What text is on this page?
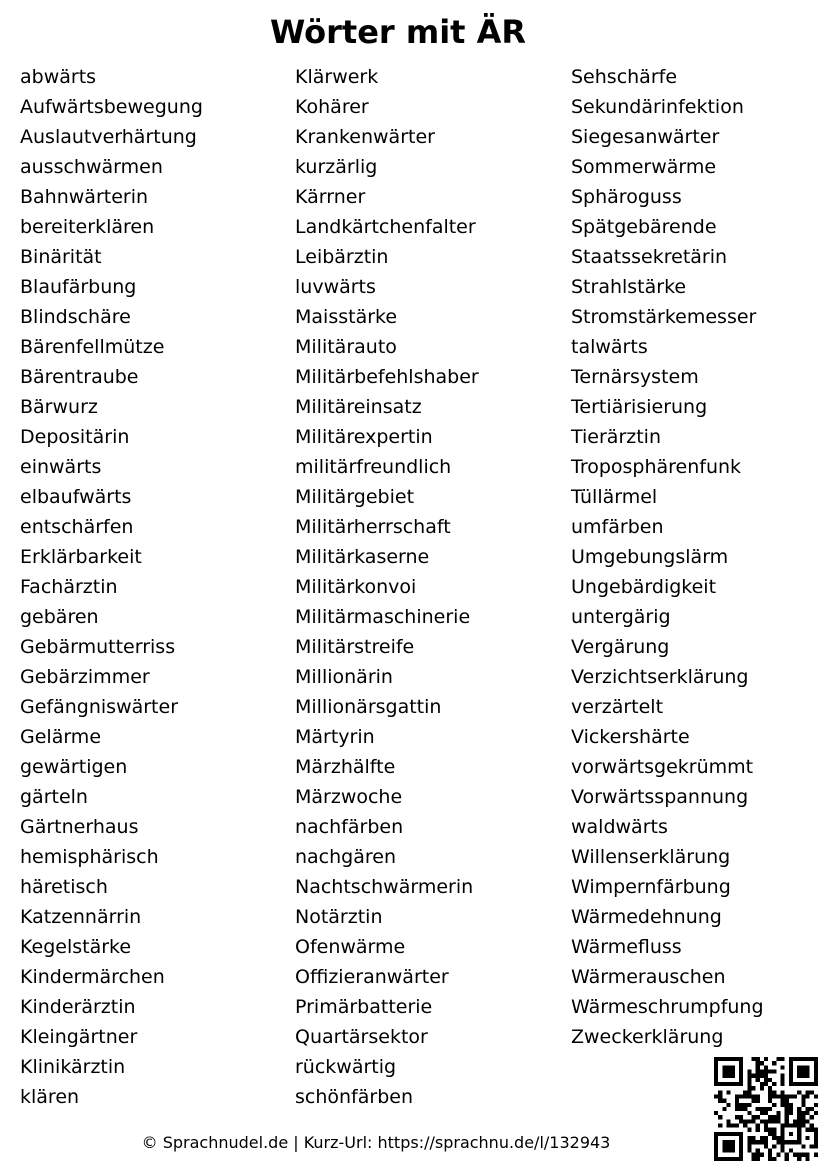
Wörter mit ÄR
abwärts
Aufwärtsbewegung
Auslautverhärtung
ausschwärmen
Bahnwärterin
bereiterklären
Binärität
Blaufärbung
Blindschäre
Bärenfellmütze
Bärentraube
Bärwurz
Depositärin
einwärts
elbaufwärts
entschärfen
Erklärbarkeit
Fachärztin
gebären
Gebärmutterriss
Gebärzimmer
Gefängniswärter
Gelärme
gewärtigen
gärteln
Gärtnerhaus
hemisphärisch
häretisch
Katzennärrin
Kegelstärke
Kindermärchen
Kinderärztin
Kleingärtner
Klinikärztin
klären
Klärwerk
Kohärer
Krankenwärter
kurzärlig
Kärrner
Landkärtchenfalter
Leibärztin
luvwärts
Maisstärke
Militärauto
Militärbefehlshaber
Militäreinsatz
Militärexpertin
militärfreundlich
Militärgebiet
Militärherrschaft
Militärkaserne
Militärkonvoi
Militärmaschinerie
Militärstreife
Millionärin
Millionärsgattin
Märtyrin
Märzhälfte
Märzwoche
nachfärben
nachgären
Nachtschwärmerin
Notärztin
Ofenwärme
Offizieranwärter
Primärbatterie
Quartärsektor
rückwärtig
schönfärben
Sehschärfe
Sekundärinfektion
Siegesanwärter
Sommerwärme
Sphäroguss
Spätgebärende
Staatssekretärin
Strahlstärke
Stromstärkemesser
talwärts
Ternärsystem
Tertiärisierung
Tierärztin
Troposphärenfunk
Tüllärmel
umfärben
Umgebungslärm
Ungebärdigkeit
untergärig
Vergärung
Verzichtserklärung
verzärtelt
Vickershärte
vorwärtsgekrümmt
Vorwärtsspannung
waldwärts
Willenserklärung
Wimpernfärbung
Wärmedehnung
Wärmefluss
Wärmerauschen
Wärmeschrumpfung
Zweckerklärung
© Sprachnudel.de | Kurz-Url: https://sprachnu.de/l/132943
